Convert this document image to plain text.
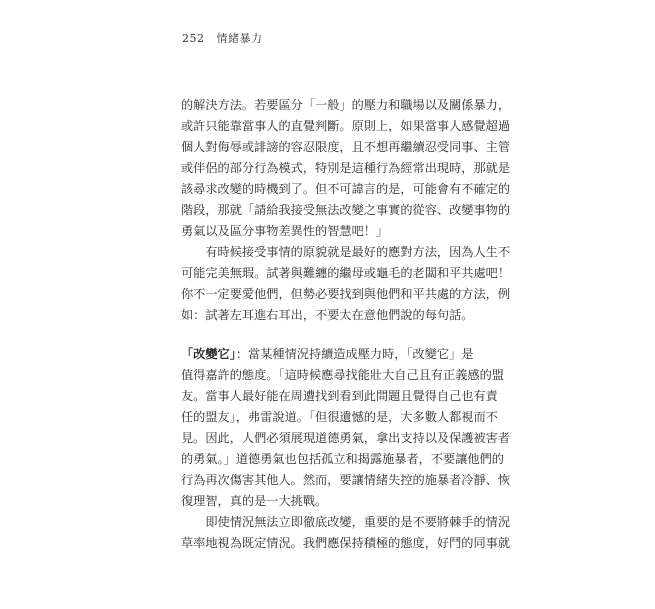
252 情緒暴力
的解決方法。若要區分「一般」的壓力和職場以及關係暴力，
或許只能靠當事人的直覺判斷。原則上，如果當事人感覺超過
個人對侮辱或誹謗的容忍限度，且不想再繼續忍受同事、主管
或伴侶的部分行為模式，特別是這種行為經常出現時，那就是
該尋求改變的時機到了。但不可諱言的是，可能會有不確定的
階段，那就「請給我接受無法改變之事實的從容、改變事物的
勇氣以及區分事物差異性的智慧吧！」
　　有時候接受事情的原貌就是最好的應對方法，因為人生不
可能完美無瑕。試著與難纏的繼母或龜毛的老闆和平共處吧！
你不一定要愛他們，但勢必要找到與他們和平共處的方法，例
如：試著左耳進右耳出，不要太在意他們說的每句話。
「改變它」：當某種情況持續造成壓力時，「改變它」是
值得嘉許的態度。「這時候應尋找能壯大自己且有正義感的盟
友。當事人最好能在周遭找到看到此問題且覺得自己也有責
任的盟友」，弗雷說道。「但很遺憾的是，大多數人都視而不
見。因此，人們必須展現道德勇氣，拿出支持以及保護被害者
的勇氣。」道德勇氣也包括孤立和揭露施暴者，不要讓他們的
行為再次傷害其他人。然而，要讓情緒失控的施暴者冷靜、恢
復理智，真的是一大挑戰。
　　即使情況無法立即徹底改變，重要的是不要將棘手的情況
草率地視為既定情況。我們應保持積極的態度，好鬥的同事就
